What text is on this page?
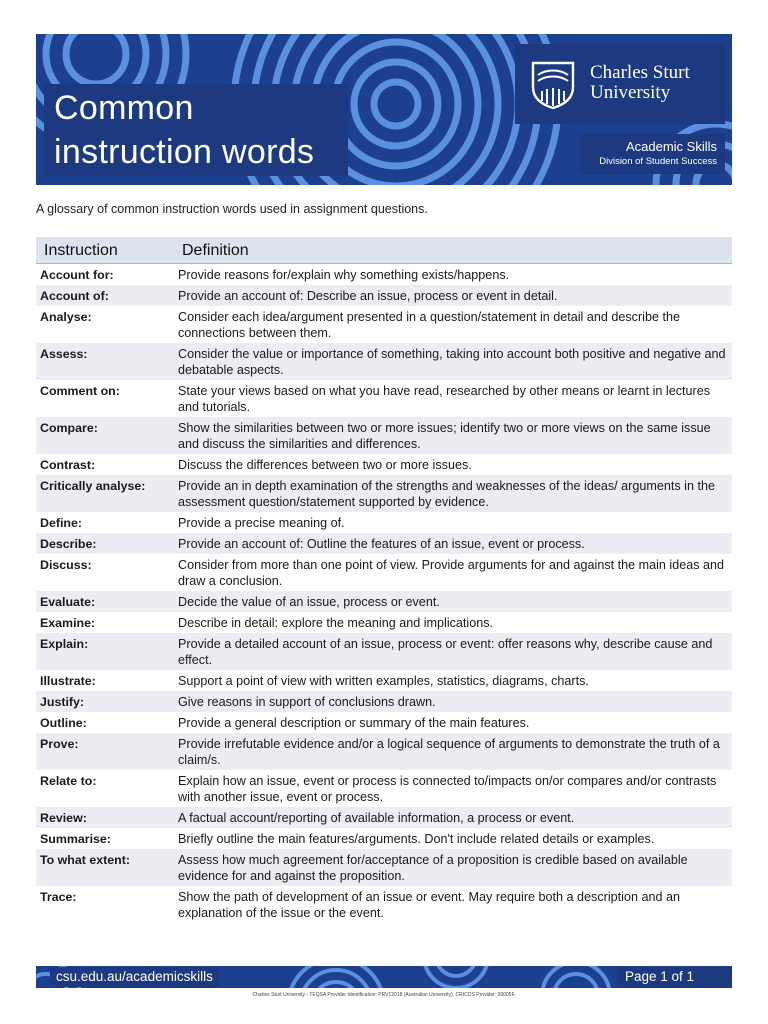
Common
instruction words
Charles Sturt
University
Academic Skills
Division of Student Success

A glossary of common instruction words used in assignment questions.

Instruction	Definition
Account for:	Provide reasons for/explain why something exists/happens.
Account of:	Provide an account of: Describe an issue, process or event in detail.
Analyse:	Consider each idea/argument presented in a question/statement in detail and describe the connections between them.
Assess:	Consider the value or importance of something, taking into account both positive and negative and debatable aspects.
Comment on:	State your views based on what you have read, researched by other means or learnt in lectures and tutorials.
Compare:	Show the similarities between two or more issues; identify two or more views on the same issue and discuss the similarities and differences.
Contrast:	Discuss the differences between two or more issues.
Critically analyse:	Provide an in depth examination of the strengths and weaknesses of the ideas/ arguments in the assessment question/statement supported by evidence.
Define:	Provide a precise meaning of.
Describe:	Provide an account of: Outline the features of an issue, event or process.
Discuss:	Consider from more than one point of view. Provide arguments for and against the main ideas and draw a conclusion.
Evaluate:	Decide the value of an issue, process or event.
Examine:	Describe in detail: explore the meaning and implications.
Explain:	Provide a detailed account of an issue, process or event: offer reasons why, describe cause and effect.
Illustrate:	Support a point of view with written examples, statistics, diagrams, charts.
Justify:	Give reasons in support of conclusions drawn.
Outline:	Provide a general description or summary of the main features.
Prove:	Provide irrefutable evidence and/or a logical sequence of arguments to demonstrate the truth of a claim/s.
Relate to:	Explain how an issue, event or process is connected to/impacts on/or compares and/or contrasts with another issue, event or process.
Review:	A factual account/reporting of available information, a process or event.
Summarise:	Briefly outline the main features/arguments. Don't include related details or examples.
To what extent:	Assess how much agreement for/acceptance of a proposition is credible based on available evidence for and against the proposition.
Trace:	Show the path of development of an issue or event. May require both a description and an explanation of the issue or the event.
csu.edu.au/academicskills	Page 1 of 1
Charles Sturt University - TEQSA Provider Identification: PRV12018 (Australian University). CRICOS Provider: 00005F.
